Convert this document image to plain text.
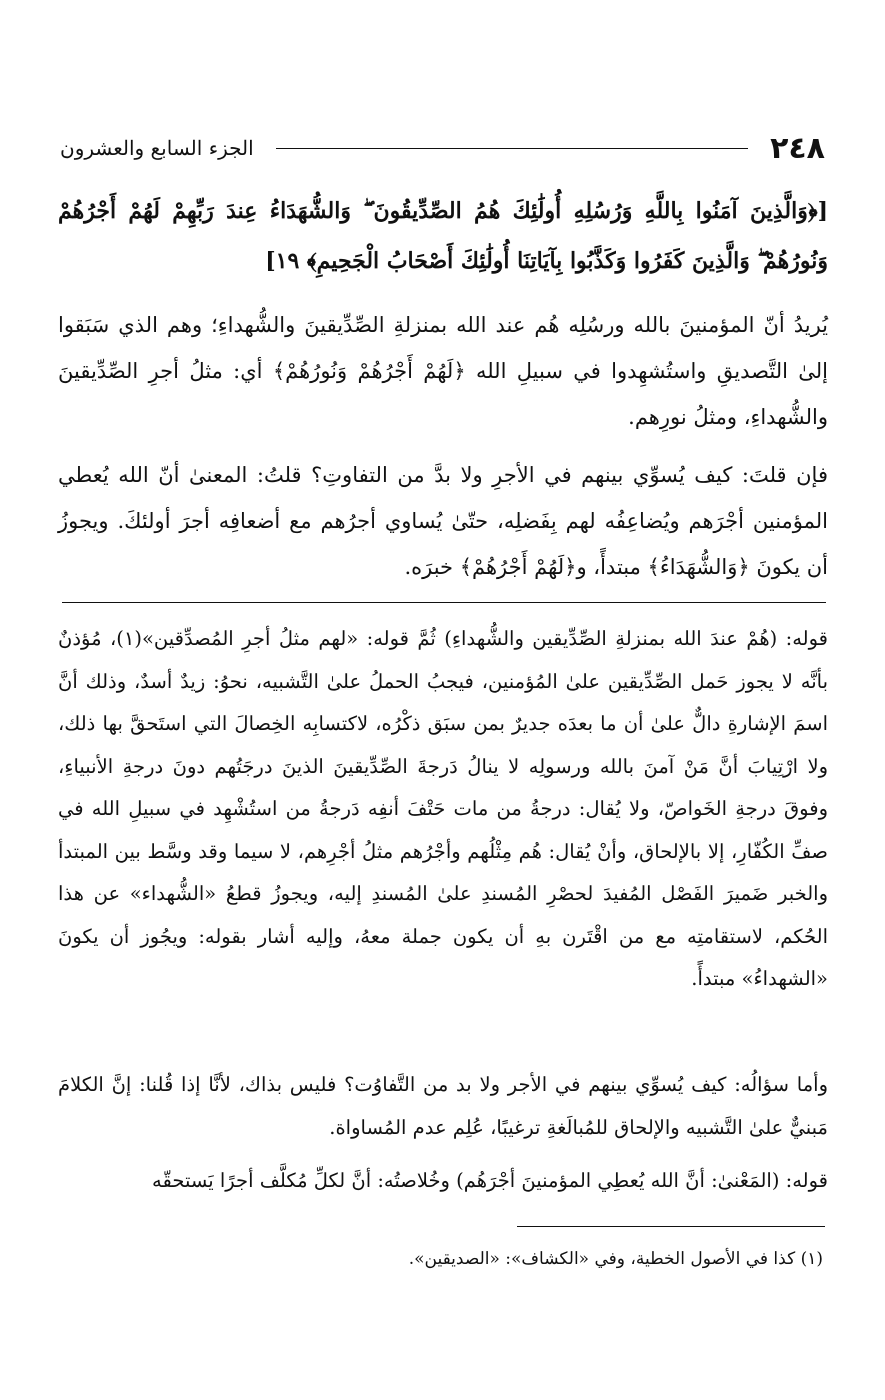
٢٤٨
الجزء السابع والعشرون

[﴿وَالَّذِينَ آمَنُوا بِاللَّهِ وَرُسُلِهِ أُولَٰئِكَ هُمُ الصِّدِّيقُونَ ۖ وَالشُّهَدَاءُ عِندَ رَبِّهِمْ لَهُمْ أَجْرُهُمْ وَنُورُهُمْ ۖ وَالَّذِينَ كَفَرُوا وَكَذَّبُوا بِآيَاتِنَا أُولَٰئِكَ أَصْحَابُ الْجَحِيمِ﴾ ١٩]

يُريدُ أنّ المؤمنينَ بالله ورسُلِه هُم عند الله بمنزلةِ الصِّدِّيقينَ والشُّهداءِ؛ وهم الذي سَبَقوا إلىٰ التَّصديقِ واستُشهِدوا في سبيلِ الله ﴿لَهُمْ أَجْرُهُمْ وَنُورُهُمْ﴾ أي: مثلُ أجرِ الصِّدِّيقينَ والشُّهداءِ، ومثلُ نورِهم.

فإن قلتَ: كيف يُسوِّي بينهم في الأجرِ ولا بدَّ من التفاوتِ؟ قلتُ: المعنىٰ أنّ الله يُعطي المؤمنين أجْرَهم ويُضاعِفُه لهم بِفَضلِه، حتّىٰ يُساوي أجرُهم مع أضعافِه أجرَ أولئكَ. ويجوزُ أن يكونَ ﴿وَالشُّهَدَاءُ﴾ مبتدأً، و﴿لَهُمْ أَجْرُهُمْ﴾ خبرَه.

قوله: (هُمْ عندَ الله بمنزلةِ الصِّدِّيقين والشُّهداءِ) ثُمَّ قوله: «لهم مثلُ أجرِ المُصدِّقين»(١)، مُؤذنٌ بأنَّه لا يجوز حَمل الصِّدِّيقين علىٰ المُؤمنين، فيجبُ الحملُ علىٰ التَّشبيه، نحوُ: زيدٌ أسدٌ، وذلك أنَّ اسمَ الإشارةِ دالٌّ علىٰ أن ما بعدَه جديرٌ بمن سبَق ذكْرُه، لاكتسابِه الخِصالَ التي استَحقَّ بها ذلك، ولا ارْتِيابَ أنَّ مَنْ آمنَ بالله ورسولِه لا ينالُ دَرجةَ الصِّدِّيقينَ الذينَ درجَتُهم دونَ درجةِ الأنبياءِ، وفوقَ درجةِ الخَواصّ، ولا يُقال: درجةُ من مات حَتْفَ أنفِه دَرجةُ من استُشْهِد في سبيلِ الله في صفِّ الكُفّارِ، إلا بالإلحاق، وأنْ يُقال: هُم مِثْلُهم وأجْرُهم مثلُ أجْرِهم، لا سيما وقد وسَّط بين المبتدأ والخبر ضَميرَ الفَصْل المُفيدَ لحصْرِ المُسندِ علىٰ المُسندِ إليه، ويجوزُ قطعُ «الشُّهداء» عن هذا الحُكم، لاستقامتِه مع من اقْتَرن بهِ أن يكون جملة معهُ، وإليه أشار بقوله: ويجُوز أن يكونَ «الشهداءُ» مبتدأً.

وأما سؤالُه: كيف يُسوِّي بينهم في الأجر ولا بد من التَّفاوُت؟ فليس بذاك، لأنَّا إذا قُلنا: إنَّ الكلامَ مَبنيٌّ علىٰ التَّشبيه والإلحاق للمُبالَغةِ ترغيبًا، عُلِم عدم المُساواة.

قوله: (المَعْنىٰ: أنَّ الله يُعطِي المؤمنينَ أجْرَهُم) وخُلاصتُه: أنَّ لكلِّ مُكلَّف أجرًا يَستحقّه

(١) كذا في الأصول الخطية، وفي «الكشاف»: «الصديقين».
